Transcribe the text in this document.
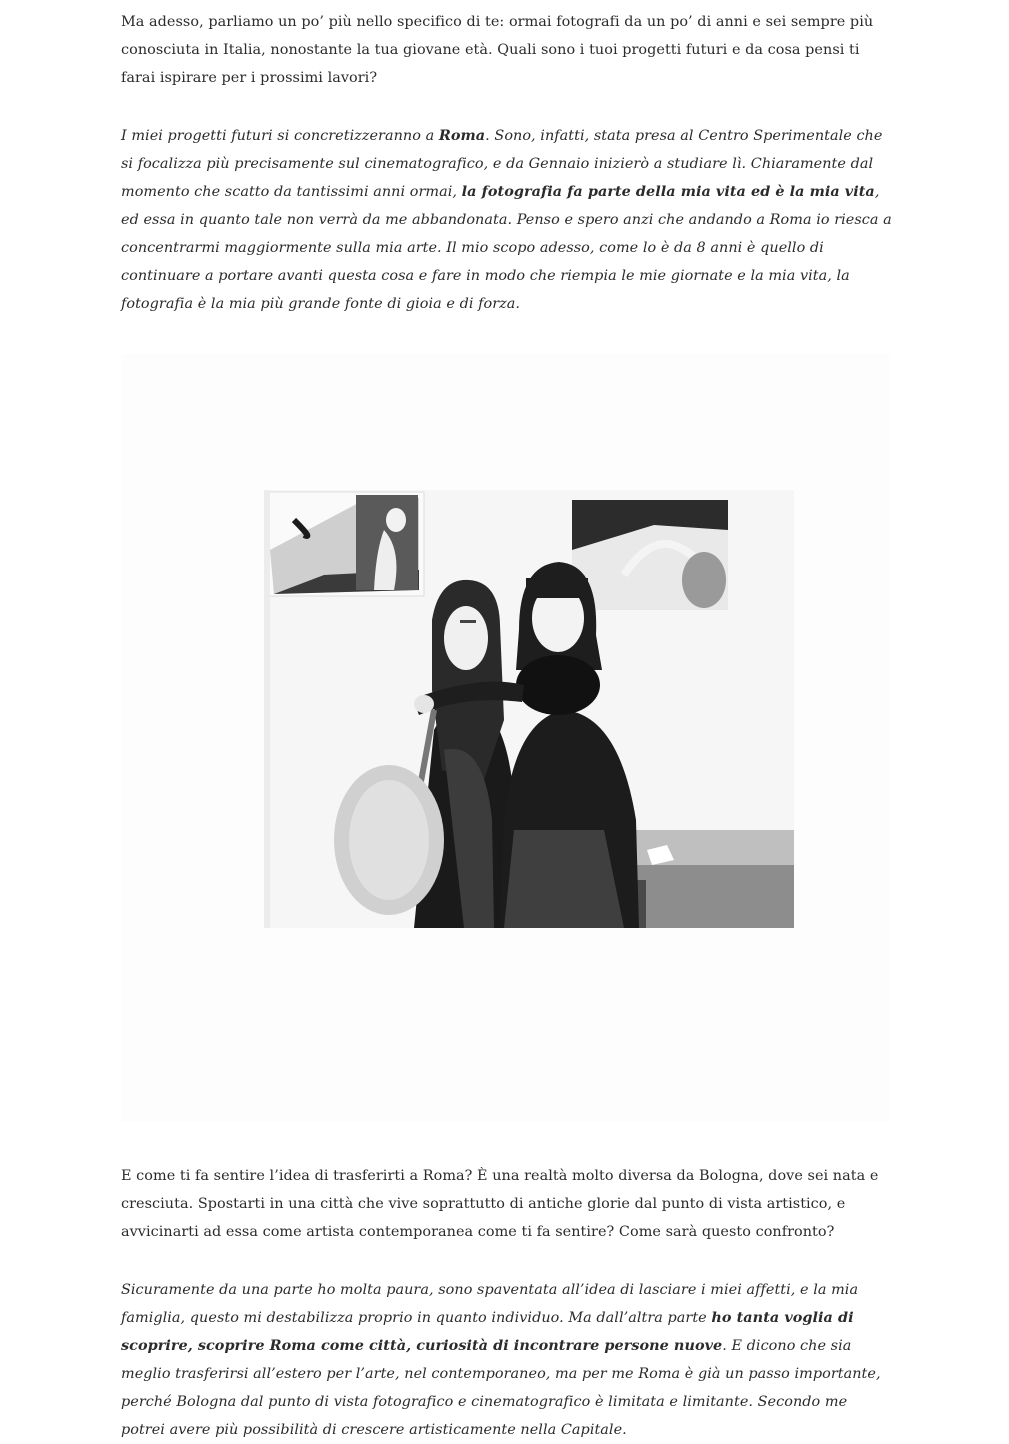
Ma adesso, parliamo un po’ più nello specifico di te: ormai fotografi da un po’ di anni e sei sempre più conosciuta in Italia, nonostante la tua giovane età. Quali sono i tuoi progetti futuri e da cosa pensi ti farai ispirare per i prossimi lavori?

I miei progetti futuri si concretizzeranno a Roma. Sono, infatti, stata presa al Centro Sperimentale che si focalizza più precisamente sul cinematografico, e da Gennaio inizierò a studiare lì. Chiaramente dal momento che scatto da tantissimi anni ormai, la fotografia fa parte della mia vita ed è la mia vita, ed essa in quanto tale non verrà da me abbandonata. Penso e spero anzi che andando a Roma io riesca a concentrarmi maggiormente sulla mia arte. Il mio scopo adesso, come lo è da 8 anni è quello di continuare a portare avanti questa cosa e fare in modo che riempia le mie giornate e la mia vita, la fotografia è la mia più grande fonte di gioia e di forza.

E come ti fa sentire l’idea di trasferirti a Roma? È una realtà molto diversa da Bologna, dove sei nata e cresciuta. Spostarti in una città che vive soprattutto di antiche glorie dal punto di vista artistico, e avvicinarti ad essa come artista contemporanea come ti fa sentire? Come sarà questo confronto?

Sicuramente da una parte ho molta paura, sono spaventata all’idea di lasciare i miei affetti, e la mia famiglia, questo mi destabilizza proprio in quanto individuo. Ma dall’altra parte ho tanta voglia di scoprire, scoprire Roma come città, curiosità di incontrare persone nuove. E dicono che sia meglio trasferirsi all’estero per l’arte, nel contemporaneo, ma per me Roma è già un passo importante, perché Bologna dal punto di vista fotografico e cinematografico è limitata e limitante. Secondo me potrei avere più possibilità di crescere artisticamente nella Capitale.
